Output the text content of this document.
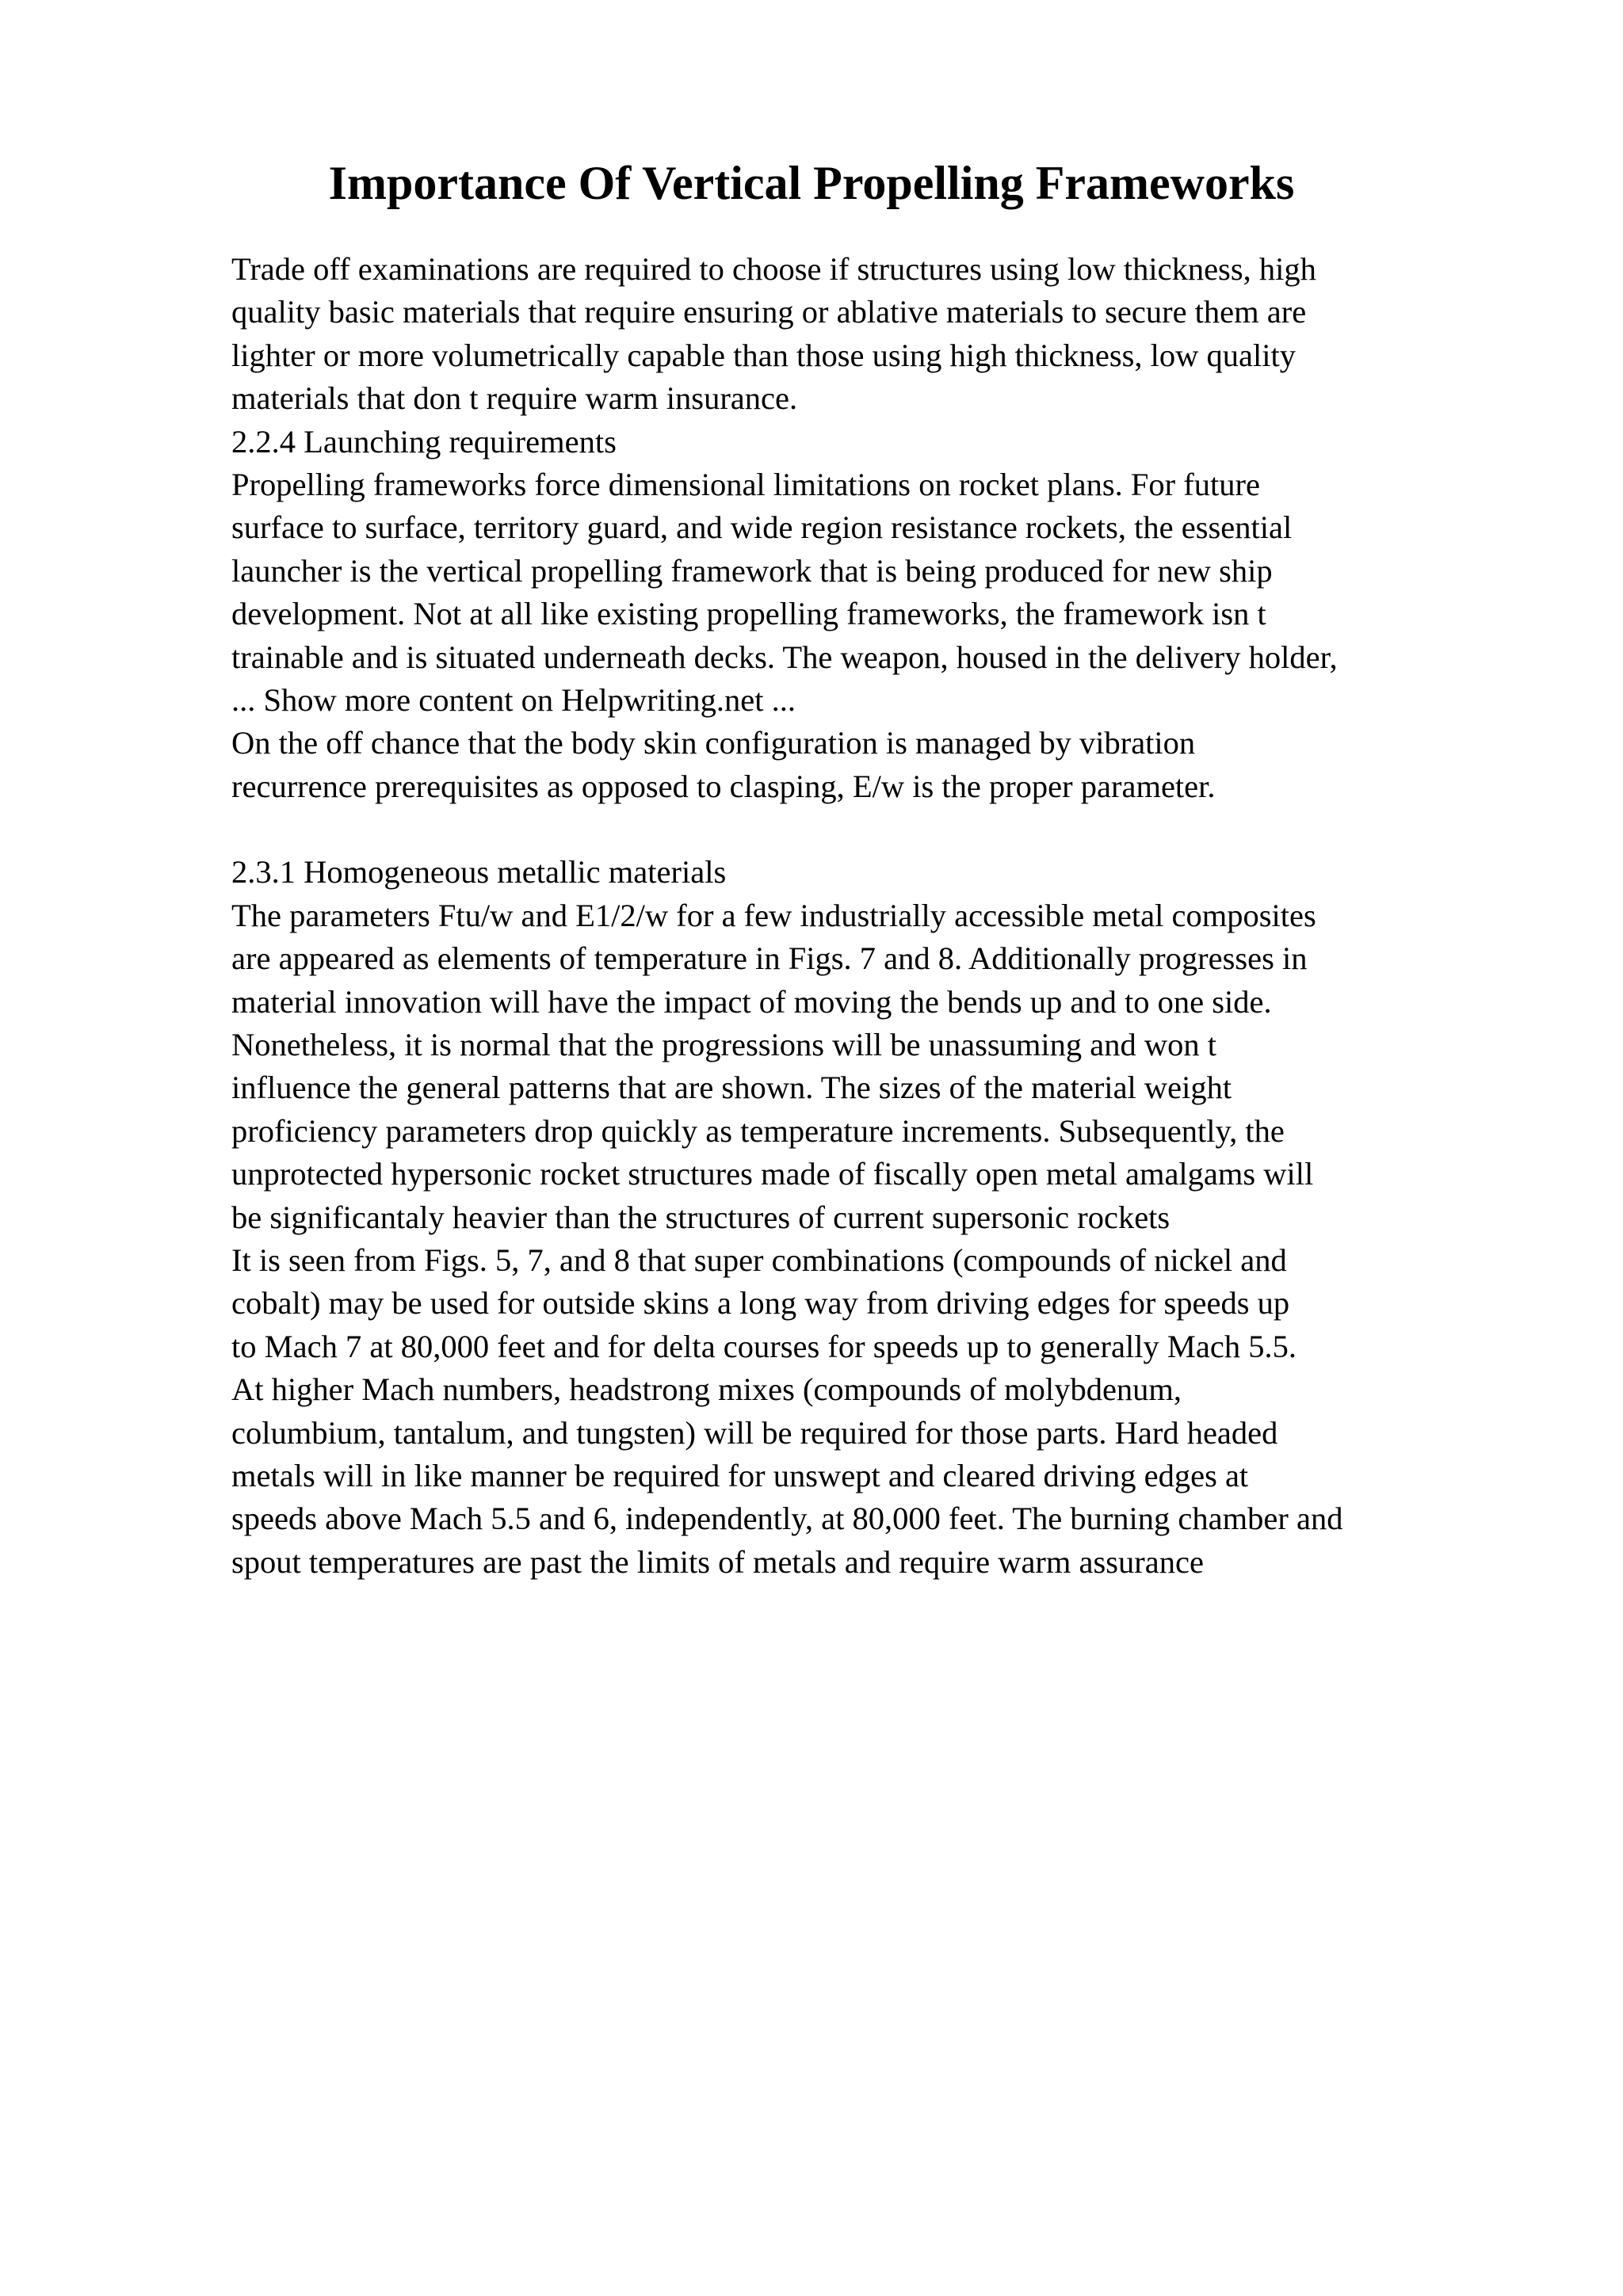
Importance Of Vertical Propelling Frameworks
Trade off examinations are required to choose if structures using low thickness, high
quality basic materials that require ensuring or ablative materials to secure them are
lighter or more volumetrically capable than those using high thickness, low quality
materials that don t require warm insurance.
2.2.4 Launching requirements
Propelling frameworks force dimensional limitations on rocket plans. For future
surface to surface, territory guard, and wide region resistance rockets, the essential
launcher is the vertical propelling framework that is being produced for new ship
development. Not at all like existing propelling frameworks, the framework isn t
trainable and is situated underneath decks. The weapon, housed in the delivery holder,
... Show more content on Helpwriting.net ...
On the off chance that the body skin configuration is managed by vibration
recurrence prerequisites as opposed to clasping, E/w is the proper parameter.
2.3.1 Homogeneous metallic materials
The parameters Ftu/w and E1/2/w for a few industrially accessible metal composites
are appeared as elements of temperature in Figs. 7 and 8. Additionally progresses in
material innovation will have the impact of moving the bends up and to one side.
Nonetheless, it is normal that the progressions will be unassuming and won t
influence the general patterns that are shown. The sizes of the material weight
proficiency parameters drop quickly as temperature increments. Subsequently, the
unprotected hypersonic rocket structures made of fiscally open metal amalgams will
be significantaly heavier than the structures of current supersonic rockets
It is seen from Figs. 5, 7, and 8 that super combinations (compounds of nickel and
cobalt) may be used for outside skins a long way from driving edges for speeds up
to Mach 7 at 80,000 feet and for delta courses for speeds up to generally Mach 5.5.
At higher Mach numbers, headstrong mixes (compounds of molybdenum,
columbium, tantalum, and tungsten) will be required for those parts. Hard headed
metals will in like manner be required for unswept and cleared driving edges at
speeds above Mach 5.5 and 6, independently, at 80,000 feet. The burning chamber and
spout temperatures are past the limits of metals and require warm assurance
